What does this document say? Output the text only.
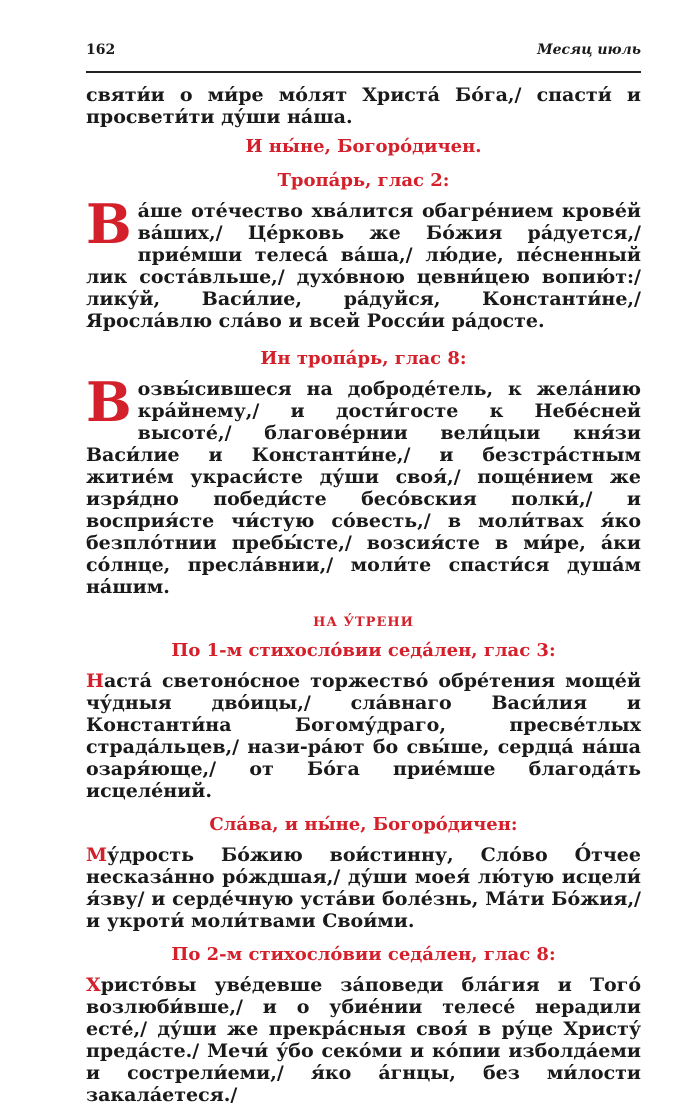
162	Месяц июль

святи́и о ми́ре мо́лят Христа́ Бо́га,/ спасти́ и просвети́ти ду́ши на́ша.

И ны́не, Богоро́дичен.

Тропа́рь, глас 2:

Ва́ше оте́чество хва́лится обагре́нием крове́й ва́ших,/ Це́рковь же Бо́жия ра́дуется,/ прие́мши телеса́ ва́ша,/ лю́дие, пе́сненный лик соста́вльше,/ духо́вною цевни́цею вопию́т:/ лику́й, Васи́лие, ра́дуйся, Константи́не,/ Яросла́влю сла́во и всей Росси́и ра́досте.

Ин тропа́рь, глас 8:

Возвы́сившеся на доброде́тель, к жела́нию кра́йнему,/ и дости́госте к Небе́сней высоте́,/ благове́рнии вели́цыи кня́зи Васи́лие и Константи́не,/ и безстра́стным житие́м украси́сте ду́ши своя́,/ поще́нием же изря́дно победи́сте бесо́вския полки́,/ и восприя́сте чи́стую со́весть,/ в моли́твах я́ко безпло́тнии пребы́сте,/ возсия́сте в ми́ре, а́ки со́лнце, пресла́внии,/ моли́те спасти́ся душа́м на́шим.

НА У́ТРЕНИ

По 1-м стихосло́вии седа́лен, глас 3:

Наста́ светоно́сное торжество́ обре́тения моще́й чу́дныя дво́ицы,/ сла́внаго Васи́лия и Константи́на Богому́драго, пресве́тлых страда́льцев,/ нази-ра́ют бо свы́ше, сердца́ на́ша озаря́юще,/ от Бо́га прие́мше благода́ть исцеле́ний.

Сла́ва, и ны́не, Богоро́дичен:

Му́дрость Бо́жию вои́стинну, Сло́во О́тчее несказа́нно ро́ждшая,/ ду́ши моея́ лю́тую исцели́ я́зву/ и серде́чную уста́ви боле́знь, Ма́ти Бо́жия,/ и укроти́ моли́твами Свои́ми.

По 2-м стихосло́вии седа́лен, глас 8:

Христо́вы уве́девше за́поведи бла́гия и Того́ возлюби́вше,/ и о убие́нии телесе́ нерадили есте́,/ ду́ши же прекра́сныя своя́ в ру́це Христу́ преда́сте./ Мечи́ у́бо секо́ми и ко́пии изболда́еми и сострели́еми,/ я́ко а́гнцы, без ми́лости закала́етеся./
